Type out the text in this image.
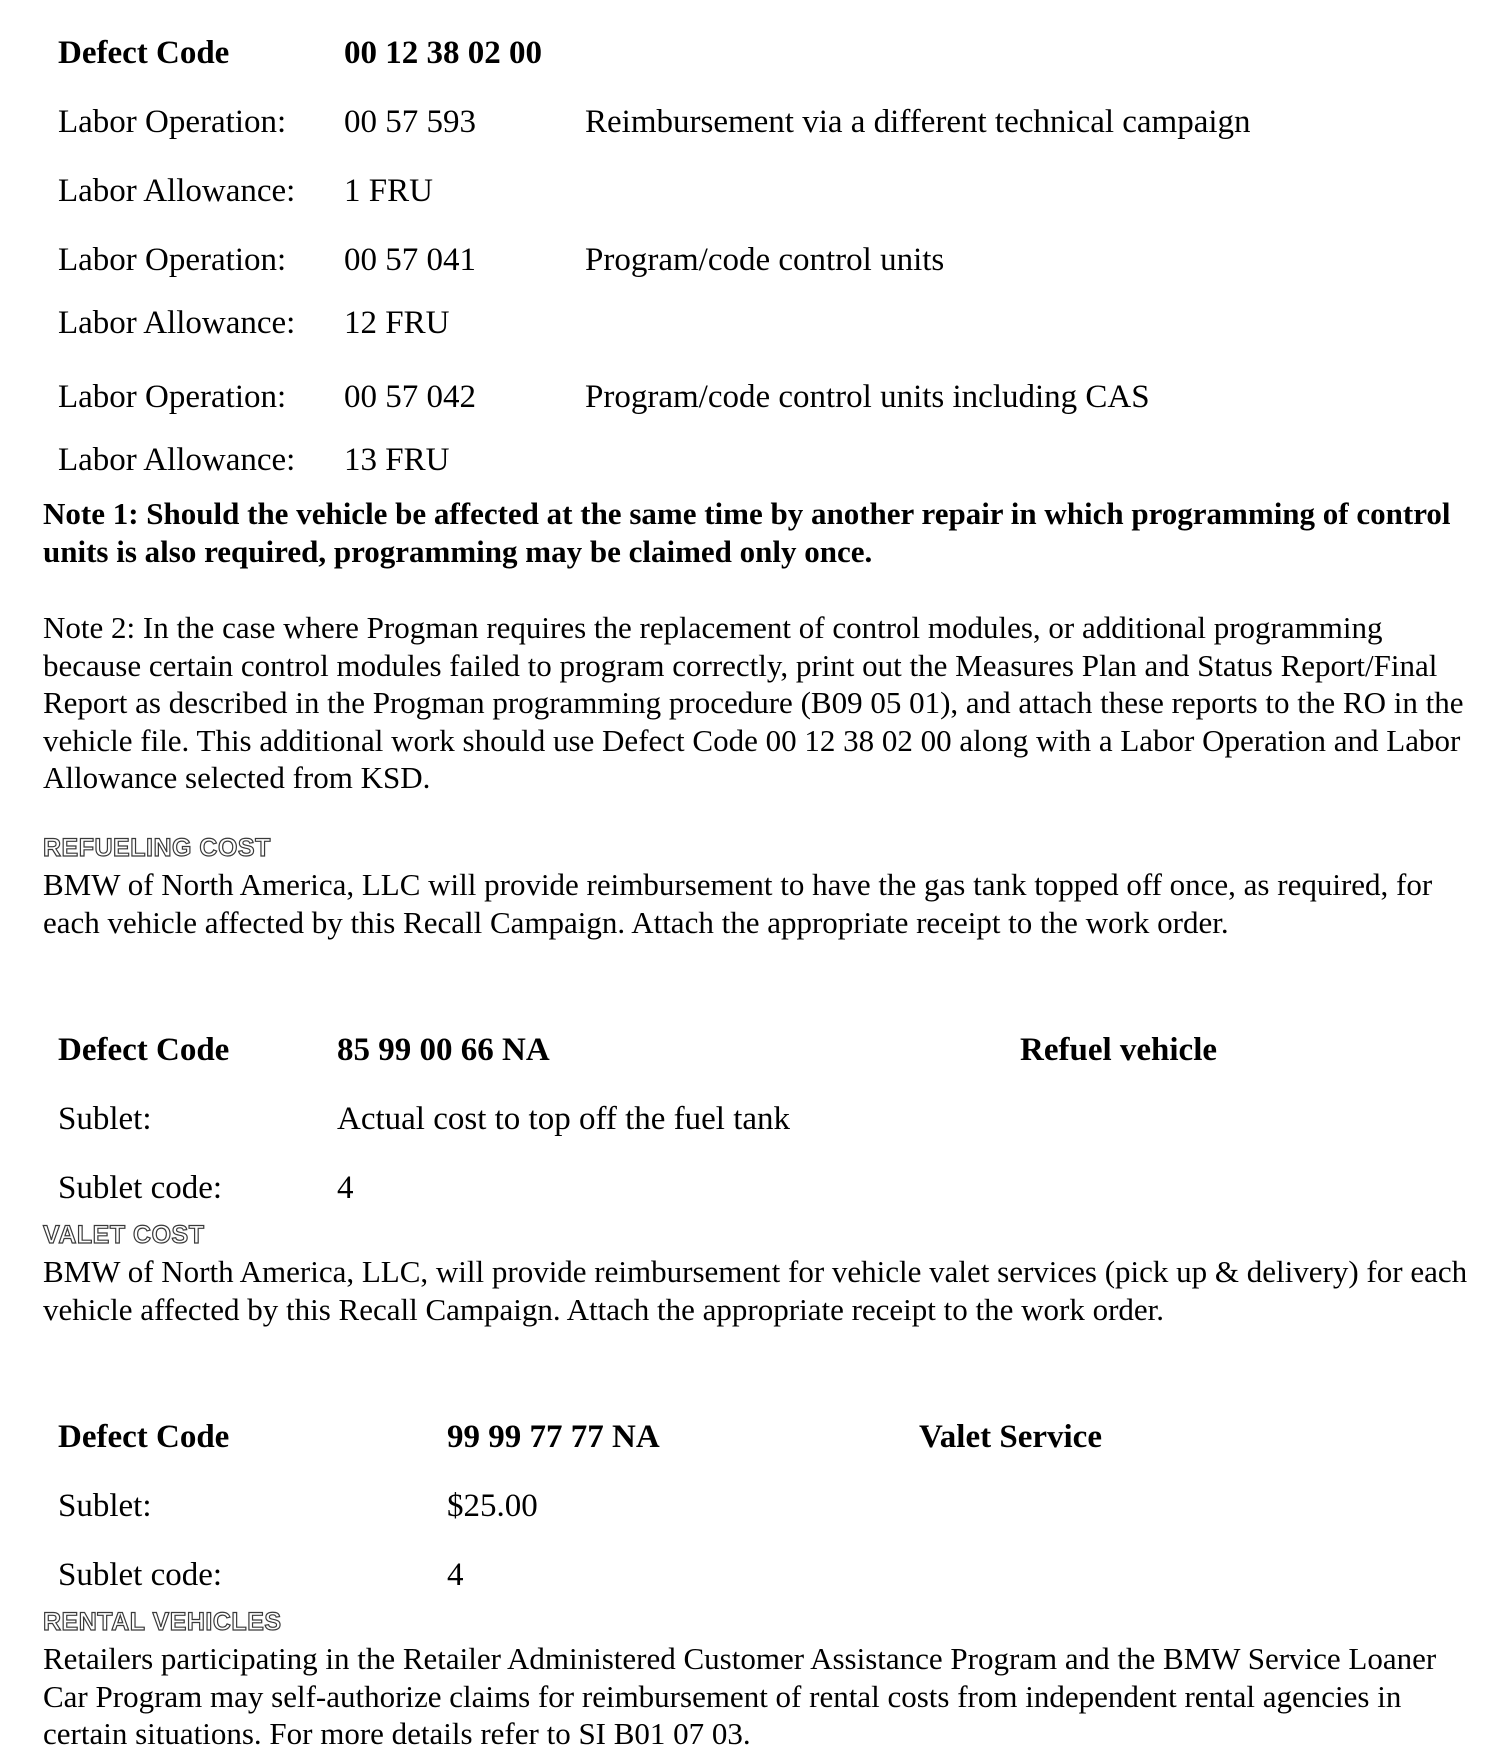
Defect Code	00 12 38 02 00
Labor Operation: 00 57 593	Reimbursement via a different technical campaign
Labor Allowance: 1 FRU
Labor Operation: 00 57 041	Program/code control units
Labor Allowance: 12 FRU
Labor Operation: 00 57 042	Program/code control units including CAS
Labor Allowance: 13 FRU
Note 1: Should the vehicle be affected at the same time by another repair in which programming of control units is also required, programming may be claimed only once.
Note 2: In the case where Progman requires the replacement of control modules, or additional programming because certain control modules failed to program correctly, print out the Measures Plan and Status Report/Final Report as described in the Progman programming procedure (B09 05 01), and attach these reports to the RO in the vehicle file. This additional work should use Defect Code 00 12 38 02 00 along with a Labor Operation and Labor Allowance selected from KSD.
REFUELING COST
BMW of North America, LLC will provide reimbursement to have the gas tank topped off once, as required, for each vehicle affected by this Recall Campaign. Attach the appropriate receipt to the work order.
Defect Code	85 99 00 66 NA	Refuel vehicle
Sublet:	Actual cost to top off the fuel tank
Sublet code:	4
VALET COST
BMW of North America, LLC, will provide reimbursement for vehicle valet services (pick up & delivery) for each vehicle affected by this Recall Campaign. Attach the appropriate receipt to the work order.
Defect Code	99 99 77 77 NA	Valet Service
Sublet:	$25.00
Sublet code:	4
RENTAL VEHICLES
Retailers participating in the Retailer Administered Customer Assistance Program and the BMW Service Loaner Car Program may self-authorize claims for reimbursement of rental costs from independent rental agencies in certain situations. For more details refer to SI B01 07 03.
